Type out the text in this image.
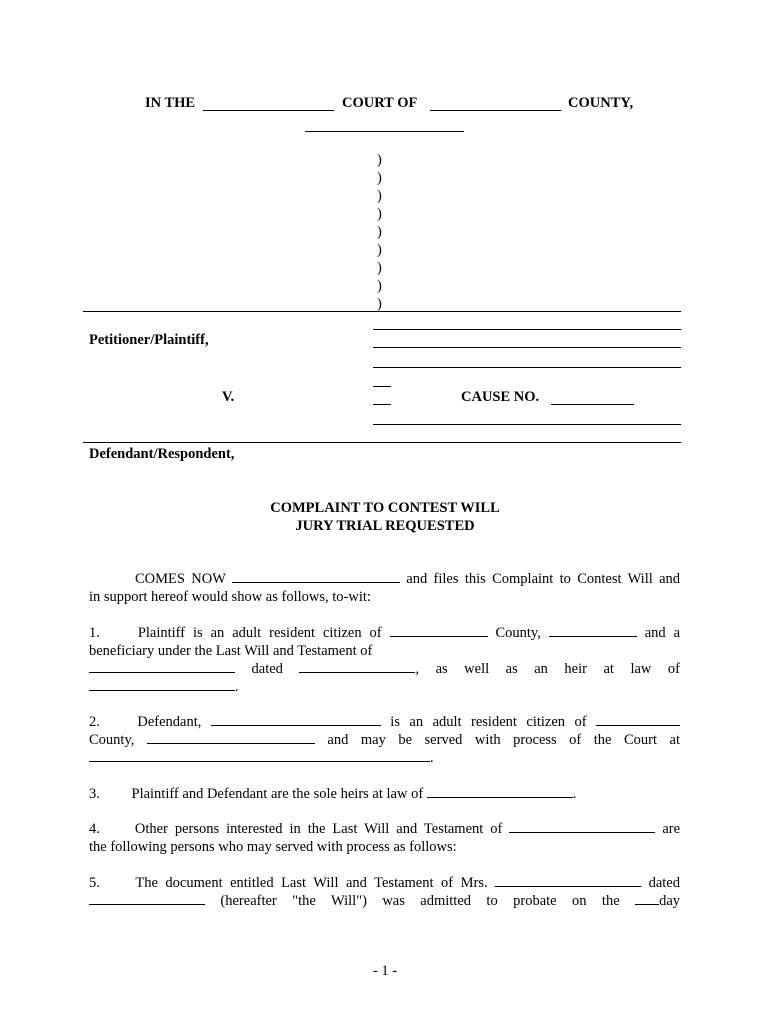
IN THE	COURT OF	COUNTY,
)
)
)
)
)
)
)
)
)
Petitioner/Plaintiff,
V.	CAUSE NO.
Defendant/Respondent,
COMPLAINT TO CONTEST WILL
JURY TRIAL REQUESTED
COMES NOW	and files this Complaint to Contest Will and
in support hereof would show as follows, to-wit:
1.	Plaintiff is an adult resident citizen of	County,	and a
beneficiary under the Last Will and Testament of
dated	, as well as an heir at law of
.
2.	Defendant,	is an adult resident citizen of
County,	and may be served with process of the Court at
.
3. Plaintiff and Defendant are the sole heirs at law of	.
4. Other persons interested in the Last Will and Testament of	are
the following persons who may served with process as follows:
5. The document entitled Last Will and Testament of Mrs.	dated
(hereafter "the Will") was admitted to probate on the	day
- 1 -
